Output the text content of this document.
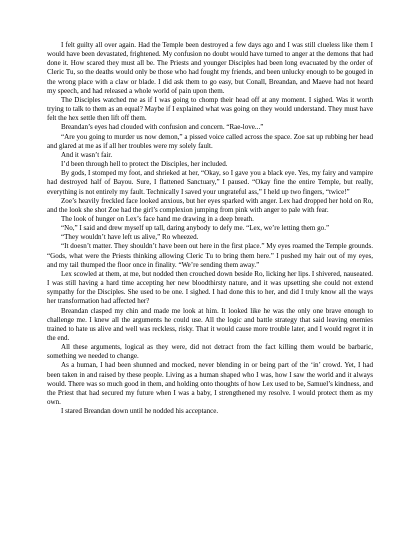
I felt guilty all over again. Had the Temple been destroyed a few days ago and I was still clueless like them I would have been devastated, frightened. My confusion no doubt would have turned to anger at the demons that had done it. How scared they must all be. The Priests and younger Disciples had been long evacuated by the order of Cleric Tu, so the deaths would only be those who had fought my friends, and been unlucky enough to be gouged in the wrong place with a claw or blade. I did ask them to go easy, but Conall, Breandan, and Maeve had not heard my speech, and had released a whole world of pain upon them.

The Disciples watched me as if I was going to chomp their head off at any moment. I sighed. Was it worth trying to talk to them as an equal? Maybe if I explained what was going on they would understand. They must have felt the hex settle then lift off them.

Breandan’s eyes had clouded with confusion and concern. “Rae-love...”

“Are you going to murder us now demon,” a pissed voice called across the space. Zoe sat up rubbing her head and glared at me as if all her troubles were my solely fault.

And it wasn’t fair.

I’d been through hell to protect the Disciples, her included.

By gods, I stomped my foot, and shrieked at her, “Okay, so I gave you a black eye. Yes, my fairy and vampire had destroyed half of Bayou. Sure, I flattened Sanctuary,” I paused. “Okay fine the entire Temple, but really, everything is not entirely my fault. Technically I saved your ungrateful ass,” I held up two fingers, “twice!”

Zoe’s heavily freckled face looked anxious, but her eyes sparked with anger. Lex had dropped her hold on Ro, and the look she shot Zoe had the girl’s complexion jumping from pink with anger to pale with fear.

The look of hunger on Lex’s face hand me drawing in a deep breath.

“No,” I said and drew myself up tall, daring anybody to defy me. “Lex, we’re letting them go.”

“They wouldn’t have left us alive,” Ro wheezed.

“It doesn’t matter. They shouldn’t have been out here in the first place.” My eyes roamed the Temple grounds. “Gods, what were the Priests thinking allowing Cleric Tu to bring them here.” I pushed my hair out of my eyes, and my tail thumped the floor once in finality. “We’re sending them away.”

Lex scowled at them, at me, but nodded then crouched down beside Ro, licking her lips. I shivered, nauseated. I was still having a hard time accepting her new bloodthirsty nature, and it was upsetting she could not extend sympathy for the Disciples. She used to be one. I sighed. I had done this to her, and did I truly know all the ways her transformation had affected her?

Breandan clasped my chin and made me look at him. It looked like he was the only one brave enough to challenge me. I knew all the arguments he could use. All the logic and battle strategy that said leaving enemies trained to hate us alive and well was reckless, risky. That it would cause more trouble later, and I would regret it in the end.

All these arguments, logical as they were, did not detract from the fact killing them would be barbaric, something we needed to change.

As a human, I had been shunned and mocked, never blending in or being part of the ‘in’ crowd. Yet, I had been taken in and raised by these people. Living as a human shaped who I was, how I saw the world and it always would. There was so much good in them, and holding onto thoughts of how Lex used to be, Samuel’s kindness, and the Priest that had secured my future when I was a baby, I strengthened my resolve. I would protect them as my own.

I stared Breandan down until he nodded his acceptance.
